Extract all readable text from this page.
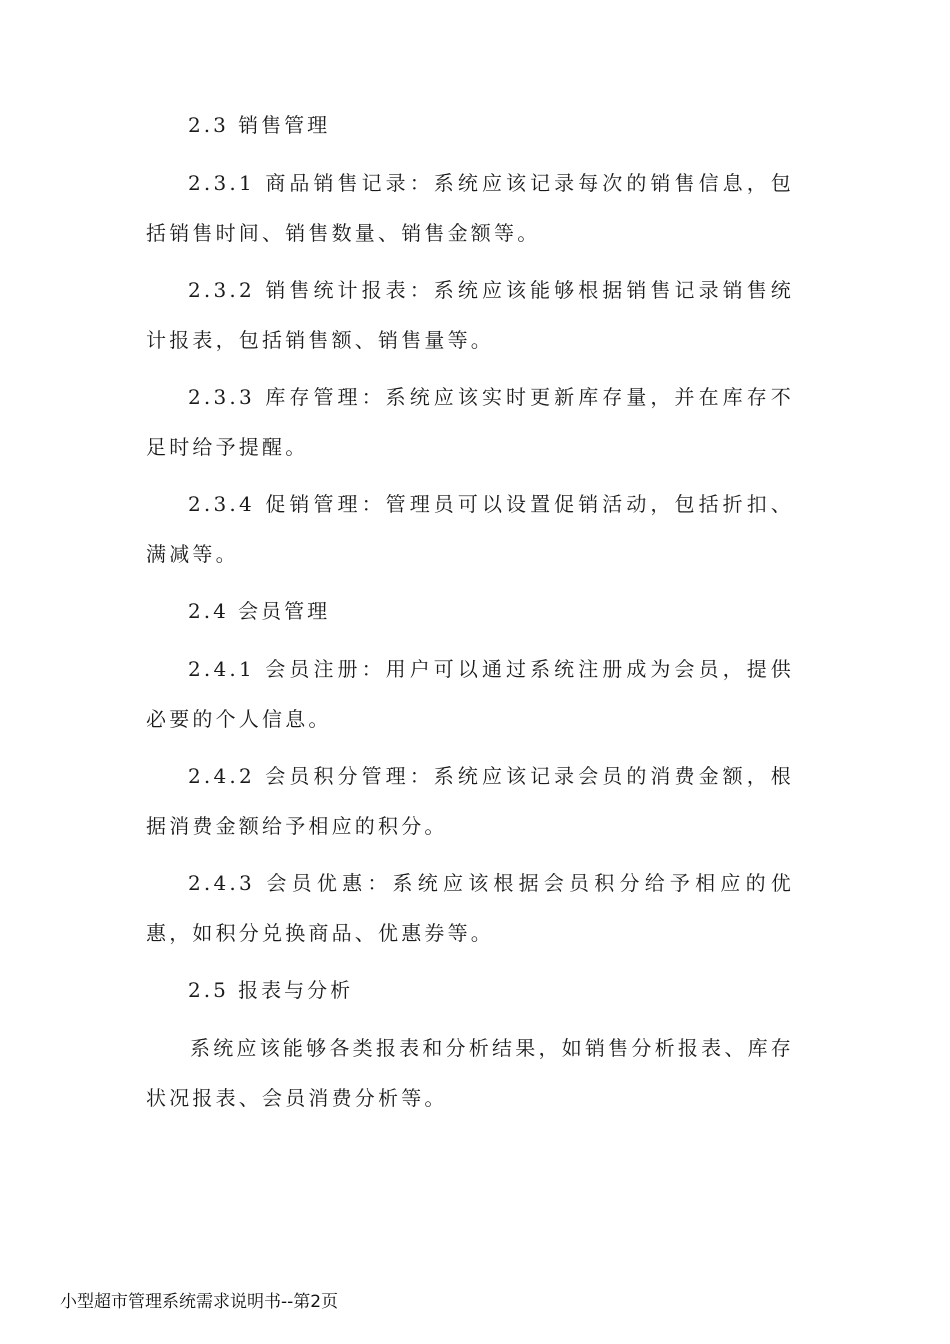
2.3 销售管理

2.3.1 商品销售记录：系统应该记录每次的销售信息，包括销售时间、销售数量、销售金额等。

2.3.2 销售统计报表：系统应该能够根据销售记录销售统计报表，包括销售额、销售量等。

2.3.3 库存管理：系统应该实时更新库存量，并在库存不足时给予提醒。

2.3.4 促销管理：管理员可以设置促销活动，包括折扣、满减等。

2.4 会员管理

2.4.1 会员注册：用户可以通过系统注册成为会员，提供必要的个人信息。

2.4.2 会员积分管理：系统应该记录会员的消费金额，根据消费金额给予相应的积分。

2.4.3 会员优惠：系统应该根据会员积分给予相应的优惠，如积分兑换商品、优惠券等。

2.5 报表与分析

系统应该能够各类报表和分析结果，如销售分析报表、库存状况报表、会员消费分析等。

小型超市管理系统需求说明书--第2页
